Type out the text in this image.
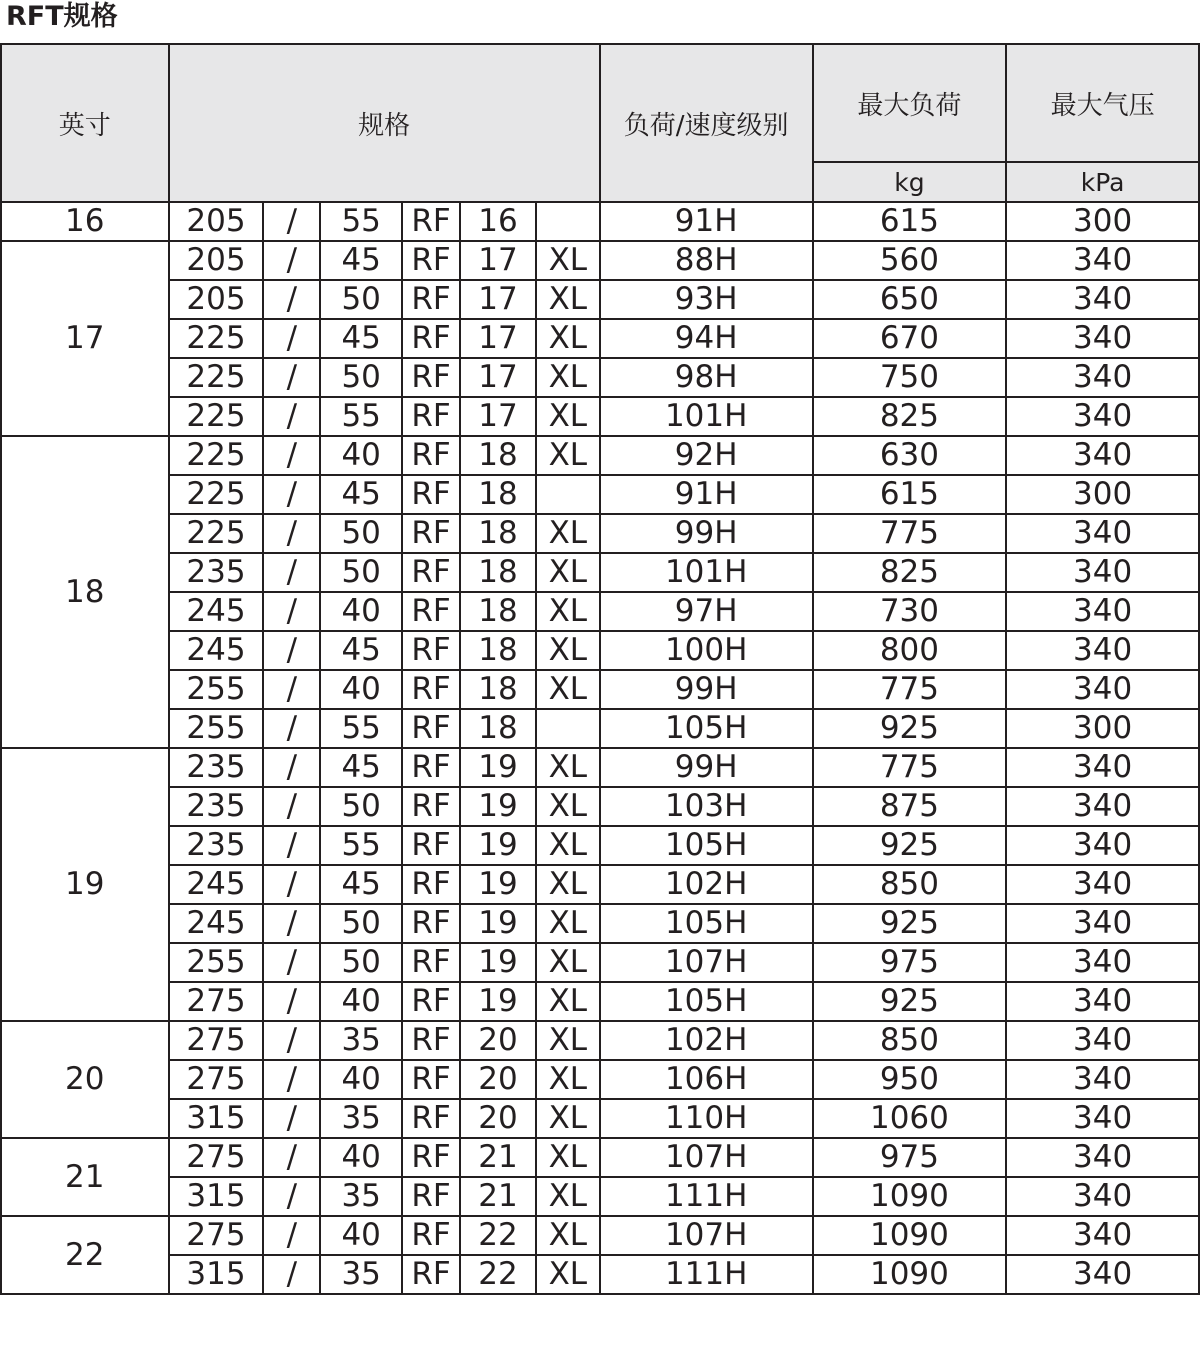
RFT规格
英寸	规格						负荷/速度级别	最大负荷	最大气压
								kg	kPa
16	205	/	55	RF	16		91H	615	300
17	205	/	45	RF	17	XL	88H	560	340
	205	/	50	RF	17	XL	93H	650	340
	225	/	45	RF	17	XL	94H	670	340
	225	/	50	RF	17	XL	98H	750	340
	225	/	55	RF	17	XL	101H	825	340
18	225	/	40	RF	18	XL	92H	630	340
	225	/	45	RF	18		91H	615	300
	225	/	50	RF	18	XL	99H	775	340
	235	/	50	RF	18	XL	101H	825	340
	245	/	40	RF	18	XL	97H	730	340
	245	/	45	RF	18	XL	100H	800	340
	255	/	40	RF	18	XL	99H	775	340
	255	/	55	RF	18		105H	925	300
19	235	/	45	RF	19	XL	99H	775	340
	235	/	50	RF	19	XL	103H	875	340
	235	/	55	RF	19	XL	105H	925	340
	245	/	45	RF	19	XL	102H	850	340
	245	/	50	RF	19	XL	105H	925	340
	255	/	50	RF	19	XL	107H	975	340
	275	/	40	RF	19	XL	105H	925	340
20	275	/	35	RF	20	XL	102H	850	340
	275	/	40	RF	20	XL	106H	950	340
	315	/	35	RF	20	XL	110H	1060	340
21	275	/	40	RF	21	XL	107H	975	340
	315	/	35	RF	21	XL	111H	1090	340
22	275	/	40	RF	22	XL	107H	1090	340
	315	/	35	RF	22	XL	111H	1090	340
